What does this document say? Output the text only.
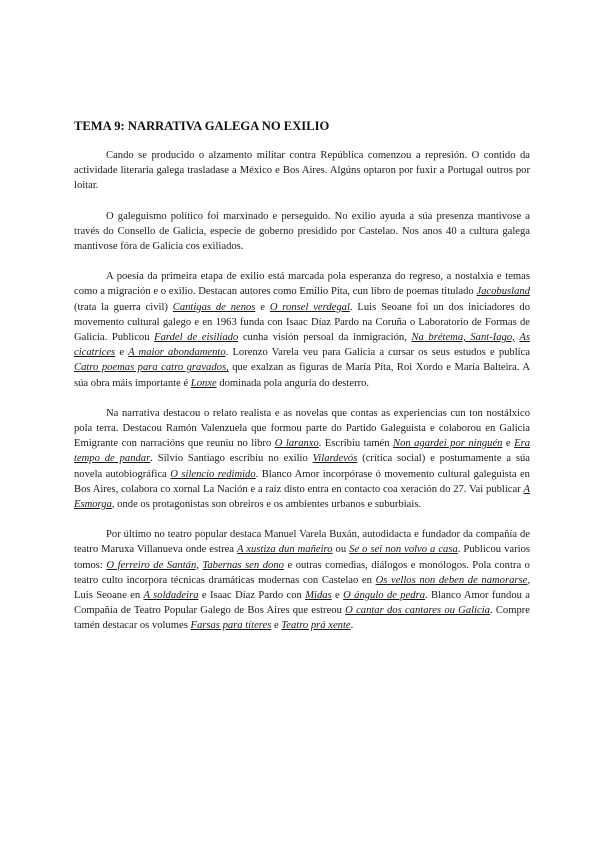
TEMA 9: NARRATIVA GALEGA NO EXILIO

Cando se producido o alzamento militar contra República comenzou a represión. O contido da actividade literaria galega trasladase a México e Bos Aires. Algúns optaron por fuxir a Portugal outros por loitar.

O galeguismo político foi marxinado e perseguido. No exilio ayuda a súa presenza mantivose a través do Consello de Galicia, especie de goberno presidido por Castelao. Nos anos 40 a cultura galega mantivose fóra de Galicia cos exiliados.

A poesía da primeira etapa de exilio está marcada pola esperanza do regreso, a nostalxia e temas como a migración e o exilio. Destacan autores como Emilio Pita, cun libro de poemas titulado Jacobusland (trata la guerra civil) Cantigas de nenos e O ronsel verdegal. Luis Seoane foi un dos iniciadores do movemento cultural galego e en 1963 funda con Isaac Díaz Pardo na Coruña o Laboratorio de Formas de Galicia. Publicou Fardel de eisiliado cunha visión persoal da inmigración, Na brétema, Sant-Iago, As cicatrices e A maior abondamento. Lorenzo Varela veu para Galicia a cursar os seus estudos e publica Catro poemas para catro gravados, que exalzan as figuras de María Pita, Roi Xordo e María Balteira. A súa obra máis importante é Lonxe dominada pola anguria do desterro.

Na narrativa destacou o relato realista e as novelas que contas as experiencias cun ton nostálxico pola terra. Destacou Ramón Valenzuela que formou parte do Partido Galeguista e colaborou en Galicia Emigrante con narracións que reuniu no libro O laranxo. Escribiu tamén Non agardei por ninguén e Era tempo de pandar. Silvio Santiago escribiu no exilio Vilardevós (crítica social) e postumamente a súa novela autobiográfica O silencio redimido. Blanco Amor incorpórase ó movemento cultural galeguista en Bos Aires, colabora co xornal La Nación e a raíz disto entra en contacto coa xeración do 27. Vai publicar A Esmorga, onde os protagonistas son obreiros e os ambientes urbanos e suburbiais.

Por último no teatro popular destaca Manuel Varela Buxán, autodidacta e fundador da compañía de teatro Maruxa Villanueva onde estrea A xustiza dun mañeiro ou Se o sei non volvo a casa. Publicou varios tomos: O ferreiro de Santán, Tabernas sen dono e outras comedias, diálogos e monólogos. Pola contra o teatro culto incorpora técnicas dramáticas modernas con Castelao en Os vellos non deben de namorarse, Luís Seoane en A soldadeira e Isaac Díaz Pardo con Midas e O ángulo de pedra. Blanco Amor fundou a Compañía de Teatro Popular Galego de Bos Aires que estreou O cantar dos cantares ou Galicia. Compre tamén destacar os volumes Farsas para títeres e Teatro prá xente.
